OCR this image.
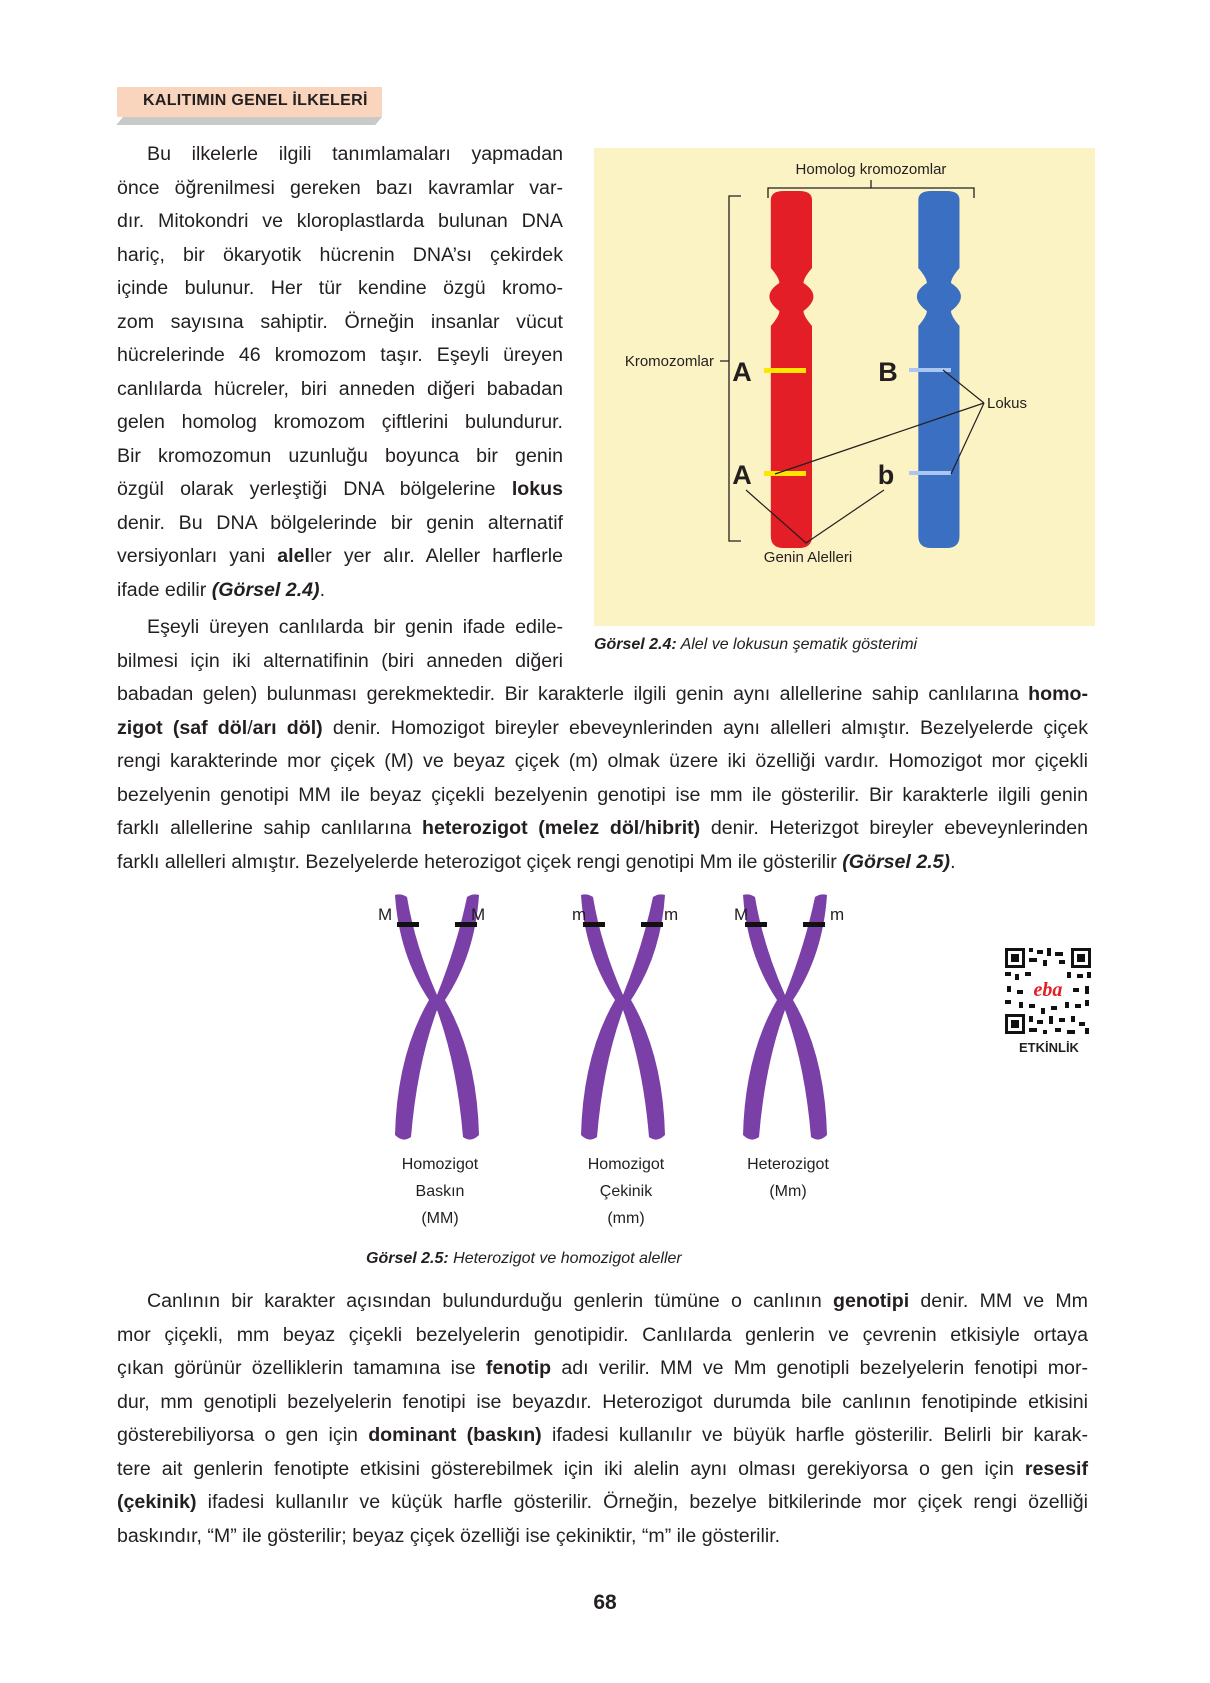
KALITIMIN GENEL İLKELERİ

Bu ilkelerle ilgili tanımlamaları yapmadan

önce öğrenilmesi gereken bazı kavramlar var-

dır. Mitokondri ve kloroplastlarda bulunan DNA

hariç, bir ökaryotik hücrenin DNA’sı çekirdek

içinde bulunur. Her tür kendine özgü kromo-

zom sayısına sahiptir. Örneğin insanlar vücut

hücrelerinde 46 kromozom taşır. Eşeyli üreyen

canlılarda hücreler, biri anneden diğeri babadan

gelen homolog kromozom çiftlerini bulundurur.

Bir kromozomun uzunluğu boyunca bir genin

özgül olarak yerleştiği DNA bölgelerine lokus

denir. Bu DNA bölgelerinde bir genin alternatif

versiyonları yani aleller yer alır. Aleller harflerle

ifade edilir (Görsel 2.4).

Eşeyli üreyen canlılarda bir genin ifade edile-

bilmesi için iki alternatifinin (biri anneden diğeri

babadan gelen) bulunması gerekmektedir. Bir karakterle ilgili genin aynı allellerine sahip canlılarına homo-

zigot (saf döl/arı döl) denir. Homozigot bireyler ebeveynlerinden aynı allelleri almıştır. Bezelyelerde çiçek

rengi karakterinde mor çiçek (M) ve beyaz çiçek (m) olmak üzere iki özelliği vardır. Homozigot mor çiçekli

bezelyenin genotipi MM ile beyaz çiçekli bezelyenin genotipi ise mm ile gösterilir. Bir karakterle ilgili genin

farklı allellerine sahip canlılarına heterozigot (melez döl/hibrit) denir. Heterizgot bireyler ebeveynlerinden

farklı allelleri almıştır. Bezelyelerde heterozigot çiçek rengi genotipi Mm ile gösterilir (Görsel 2.5).

Homolog kromozomlar
Kromozomlar A
A
B
b
Lokus
Genin Alelleri
Görsel 2.4: Alel ve lokusun şematik gösterimi
M	M	m	m	M	m
Homozigot
Baskın
(MM)
Homozigot
Çekinik
(mm)
Heterozigot
(Mm)
Görsel 2.5: Heterozigot ve homozigot aleller
eba
ETKİNLİK

Canlının bir karakter açısından bulundurduğu genlerin tümüne o canlının genotipi denir. MM ve Mm

mor çiçekli, mm beyaz çiçekli bezelyelerin genotipidir. Canlılarda genlerin ve çevrenin etkisiyle ortaya

çıkan görünür özelliklerin tamamına ise fenotip adı verilir. MM ve Mm genotipli bezelyelerin fenotipi mor-

dur, mm genotipli bezelyelerin fenotipi ise beyazdır. Heterozigot durumda bile canlının fenotipinde etkisini

gösterebiliyorsa o gen için dominant (baskın) ifadesi kullanılır ve büyük harfle gösterilir. Belirli bir karak-

tere ait genlerin fenotipte etkisini gösterebilmek için iki alelin aynı olması gerekiyorsa o gen için resesif

(çekinik) ifadesi kullanılır ve küçük harfle gösterilir. Örneğin, bezelye bitkilerinde mor çiçek rengi özelliği

baskındır, “M” ile gösterilir; beyaz çiçek özelliği ise çekiniktir, “m” ile gösterilir.

68
